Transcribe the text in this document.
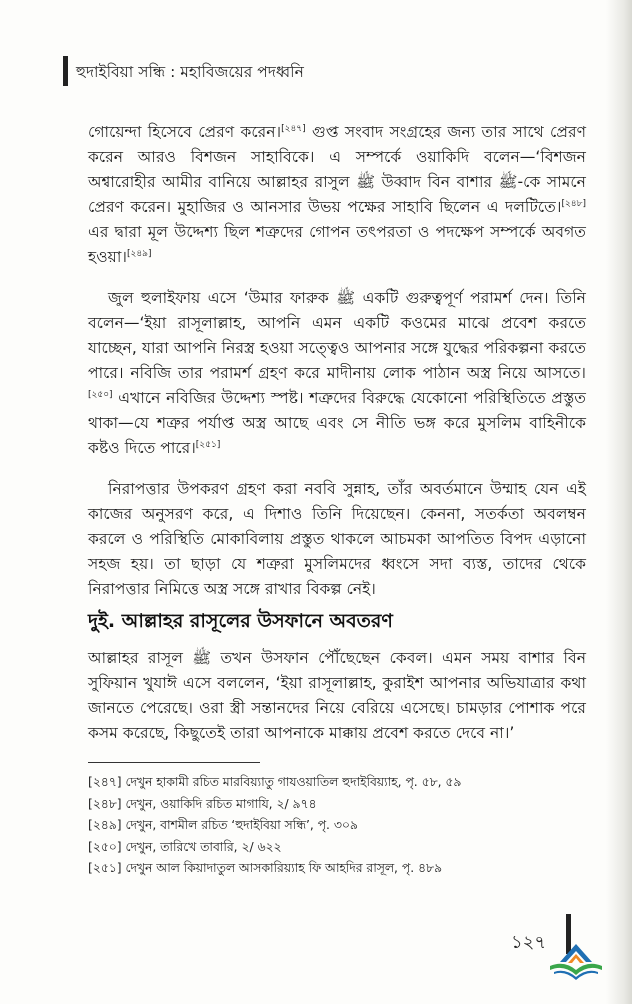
হুদাইবিয়া সন্ধি : মহাবিজয়ের পদধ্বনি

গোয়েন্দা হিসেবে প্রেরণ করেন।[২৪৭] গুপ্ত সংবাদ সংগ্রহের জন্য তার সাথে প্রেরণ করেন আরও বিশজন সাহাবিকে। এ সম্পর্কে ওয়াকিদি বলেন—‘বিশজন অশ্বারোহীর আমীর বানিয়ে আল্লাহর রাসুল ﷺ উব্বাদ বিন বাশার ﷺ-কে সামনে প্রেরণ করেন। মুহাজির ও আনসার উভয় পক্ষের সাহাবি ছিলেন এ দলটিতে।[২৪৮] এর দ্বারা মূল উদ্দেশ্য ছিল শত্রুদের গোপন তৎপরতা ও পদক্ষেপ সম্পর্কে অবগত হওয়া।[২৪৯]

জুল হুলাইফায় এসে ‘উমার ফারুক ﷺ একটি গুরুত্বপূর্ণ পরামর্শ দেন। তিনি বলেন—‘ইয়া রাসূলাল্লাহ, আপনি এমন একটি কওমের মাঝে প্রবেশ করতে যাচ্ছেন, যারা আপনি নিরস্ত্র হওয়া সত্ত্বেও আপনার সঙ্গে যুদ্ধের পরিকল্পনা করতে পারে। নবিজি তার পরামর্শ গ্রহণ করে মাদীনায় লোক পাঠান অস্ত্র নিয়ে আসতে।[২৫০] এখানে নবিজির উদ্দেশ্য স্পষ্ট। শত্রুদের বিরুদ্ধে যেকোনো পরিস্থিতিতে প্রস্তুত থাকা—যে শত্রুর পর্যাপ্ত অস্ত্র আছে এবং সে নীতি ভঙ্গ করে মুসলিম বাহিনীকে কষ্টও দিতে পারে।[২৫১]

নিরাপত্তার উপকরণ গ্রহণ করা নববি সুন্নাহ, তাঁর অবর্তমানে উম্মাহ যেন এই কাজের অনুসরণ করে, এ দিশাও তিনি দিয়েছেন। কেননা, সতর্কতা অবলম্বন করলে ও পরিস্থিতি মোকাবিলায় প্রস্তুত থাকলে আচমকা আপতিত বিপদ এড়ানো সহজ হয়। তা ছাড়া যে শত্রুরা মুসলিমদের ধ্বংসে সদা ব্যস্ত, তাদের থেকে নিরাপত্তার নিমিত্তে অস্ত্র সঙ্গে রাখার বিকল্প নেই।

দুই. আল্লাহর রাসূলের উসফানে অবতরণ
আল্লাহর রাসূল ﷺ তখন উসফান পৌঁছেছেন কেবল। এমন সময় বাশার বিন সুফিয়ান খুযাঈ এসে বললেন, ‘ইয়া রাসূলাল্লাহ, কুরাইশ আপনার অভিযাত্রার কথা জানতে পেরেছে। ওরা স্ত্রী সন্তানদের নিয়ে বেরিয়ে এসেছে। চামড়ার পোশাক পরে কসম করেছে, কিছুতেই তারা আপনাকে মাক্কায় প্রবেশ করতে দেবে না।’
[২৪৭] দেখুন হাকামী রচিত মারবিয়্যাতু গাযওয়াতিল হুদাইবিয়্যাহ, পৃ. ৫৮, ৫৯
[২৪৮] দেখুন, ওয়াকিদি রচিত মাগাযি, ২/ ৯৭৪
[২৪৯] দেখুন, বাশমীল রচিত ‘হুদাইবিয়া সন্ধি’, পৃ. ৩০৯
[২৫০] দেখুন, তারিখে তাবারি, ২/ ৬২২
[২৫১] দেখুন আল কিয়াদাতুল আসকারিয়্যাহ ফি আহদির রাসূল, পৃ. ৪৮৯
১২৭
